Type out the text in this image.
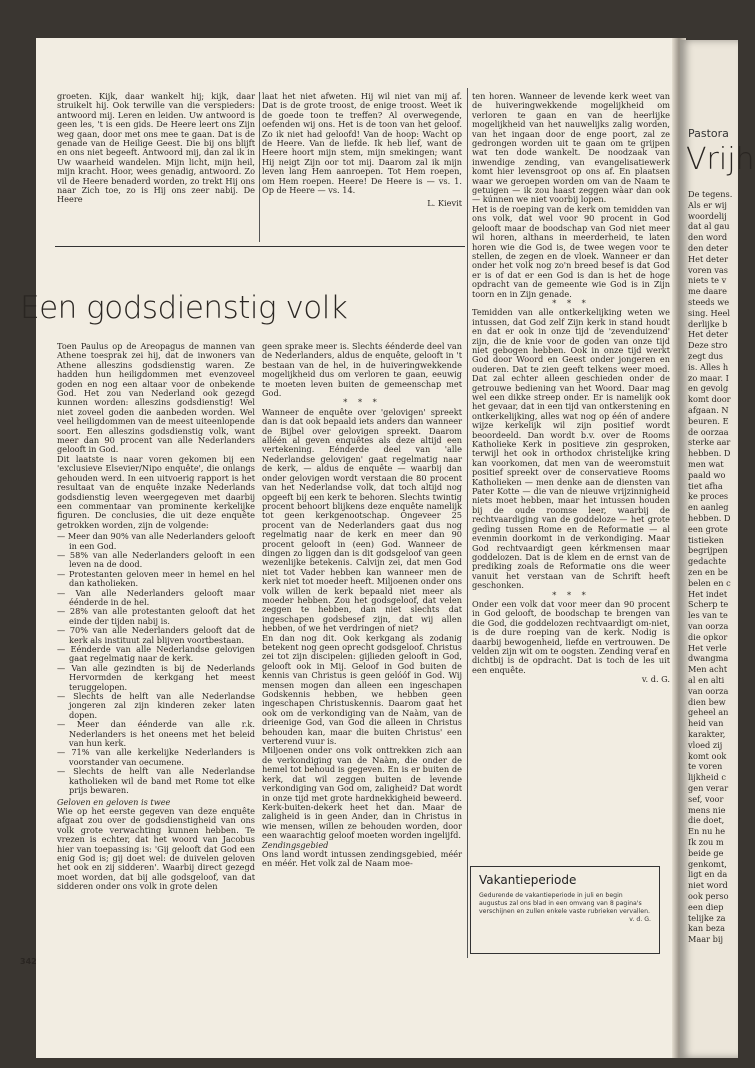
Pastora
Vrijh
De tegens.
Als er wij
woordelij
dat al gau
den word
den deter
Het deter
voren vas
niets te v
me daare
steeds we
sing. Heel
derlijke b
Het deter
Deze stro
zegt dus
is. Alles h
zo maar. I
en gevolg
komt door
afgaan. N
beuren. E
de oorzaa
sterke aar
hebben. D
men wat
paald wo
tiet afha
ke proces
en aanleg
hebben. D
een grote
tistieken
begrijpen
gedachte
zen en be
belen en c
Het indet
Scherp te
les van te
van oorza
die opkor
Het verle
dwangma
Men acht
al en alti
van oorza
dien bew
geheel an
heid van
karakter,
vloed zij
komt ook
te voren
lijkheid c
gen verar
sef, voor
mens nie
die doet,
En nu he
Ik zou m
beide ge
genkomt,
ligt en da
niet word
ook perso
een diep
telijke za
kan beza
Maar bij

groeten. Kijk, daar wankelt hij; kijk, daar struikelt hij. Ook terwille van die verspieders: antwoord mij. Leren en leiden. Uw antwoord is geen les, 't is een gids. De Heere leert ons Zijn weg gaan, door met ons mee te gaan. Dat is de genade van de Heilige Geest. Die bij ons blijft en ons niet begeeft. Antwoord mij, dan zal ik in Uw waarheid wandelen. Mijn licht, mijn heil, mijn kracht. Hoor, wees genadig, antwoord. Zo vil de Heere benaderd worden, zo trekt Hij ons naar Zich toe, zo is Hij ons zeer nabij. De Heere

laat het niet afweten. Hij wil niet van mij af. Dat is de grote troost, de enige troost. Weet ik de goede toon te treffen? Al overwegende, oefenden wij ons. Het is de toon van het geloof. Zo ik niet had geloofd! Van de hoop: Wacht op de Heere. Van de liefde. Ik heb lief, want de Heere hoort mijn stem, mijn smekingen; want Hij neigt Zijn oor tot mij. Daarom zal ik mijn leven lang Hem aanroepen. Tot Hem roepen, om Hem roepen. Heere! De Heere is — vs. 1. Op de Heere — vs. 14.

L. Kievit

ten horen. Wanneer de levende kerk weet van de huiveringwekkende mogelijkheid om verloren te gaan en van de heerlijke mogelijkheid van het nauwelijks zalig worden, van het ingaan door de enge poort, zal ze gedrongen worden uit te gaan om te grijpen wat ten dode wankelt. De noodzaak van inwendige zending, van evangelisatiewerk komt hier levensgroot op ons af. En plaatsen waar we geroepen worden om van de Naam te getuigen — ik zou haast zeggen wàar dan ook — kúnnen we niet voorbij lopen.

Het is de roeping van de kerk om temidden van ons volk, dat wel voor 90 procent in God gelooft maar de boodschap van God niet meer wil horen, althans in meerderheid, te laten horen wie die God is, de twee wegen voor te stellen, de zegen en de vloek. Wanneer er dan onder het volk nog zo'n breed besef is dat God er is of dat er een God is dan is het de hoge opdracht van de gemeente wie God is in Zijn toorn en in Zijn genade.

* * *

Temidden van alle ontkerkelijking weten we intussen, dat God zelf Zijn kerk in stand houdt en dat er ook in onze tijd de 'zevenduizend' zijn, die de knie voor de goden van onze tijd niet gebogen hebben. Ook in onze tijd werkt God door Woord en Geest onder jongeren en ouderen. Dat te zien geeft telkens weer moed. Dat zal echter alleen geschieden onder de getrouwe bediening van het Woord. Daar mag wel een dikke streep onder. Er is namelijk ook het gevaar, dat in een tijd van ontkerstening en ontkerkelijking, alles wat nog op één of andere wijze kerkelijk wil zijn positief wordt beoordeeld. Dan wordt b.v. over de Rooms Katholieke Kerk in positieve zin gesproken, terwijl het ook in orthodox christelijke kring kan voorkomen, dat men van de weeromstuit positief spreekt over de conservatieve Rooms Katholieken — men denke aan de diensten van Pater Kotte — die van de nieuwe vrijzinnigheid niets moet hebben, maar het intussen houden bij de oude roomse leer, waarbij de rechtvaardiging van de goddeloze — het grote gedìng tussen Rome en de Reformatie — al evenmin doorkomt in de verkondiging. Maar God rechtvaardigt geen kérkmensen maar goddelozen. Dat is de klem en de ernst van de prediking zoals de Reformatie ons die weer vanuit het verstaan van de Schrift heeft geschonken.

* * *

Onder een volk dat voor meer dan 90 procent in God gelooft, de boodschap te brengen van die God, die goddelozen rechtvaardigt om-niet, is de dure roeping van de kerk. Nodig is daarbij bewogenheid, liefde en vertrouwen. De velden zijn wit om te oogsten. Zending veraf en dichtbij is de opdracht. Dat is toch de les uit een enquête.

v. d. G.

Een godsdienstig volk

Toen Paulus op de Areopagus de mannen van Athene toesprak zei hij, dat de inwoners van Athene alleszins godsdienstig waren. Ze hadden hun heiligdommen met evenzoveel goden en nog een altaar voor de onbekende God. Het zou van Nederland ook gezegd kunnen worden: alleszins godsdienstig! Wel niet zoveel goden die aanbeden worden. Wel veel heiligdommen van de meest uiteenlopende soort. Een alleszins godsdienstig volk, want meer dan 90 procent van alle Nederlanders gelooft in God.

Dit laatste is naar voren gekomen bij een 'exclusieve Elsevier/Nipo enquête', die onlangs gehouden werd. In een uitvoerig rapport is het resultaat van de enquête inzake Nederlands godsdienstig leven weergegeven met daarbij een commentaar van prominente kerkelijke figuren. De conclusies, die uit deze enquête getrokken worden, zijn de volgende:

— Meer dan 90% van alle Nederlanders gelooft in een God.
— 58% van alle Nederlanders gelooft in een leven na de dood.
— Protestanten geloven meer in hemel en hel dan katholieken.
— Van alle Nederlanders gelooft maar éénderde in de hel.
— 28% van alle protestanten gelooft dat het einde der tijden nabij is.
— 70% van alle Nederlanders gelooft dat de kerk als instituut zal blijven voortbestaan.
— Eénderde van alle Nederlandse gelovigen gaat regelmatig naar de kerk.
— Van alle gezindten is bij de Nederlands Hervormden de kerkgang het meest teruggelopen.
— Slechts de helft van alle Nederlandse jongeren zal zijn kinderen zeker laten dopen.
— Meer dan éénderde van alle r.k. Nederlanders is het oneens met het beleid van hun kerk.
— 71% van alle kerkelijke Nederlanders is voorstander van oecumene.
— Slechts de helft van alle Nederlandse katholieken wil de band met Rome tot elke prijs bewaren.

Geloven en geloven is twee

Wie op het eerste gegeven van deze enquête afgaat zou over de godsdienstigheid van ons volk grote verwachting kunnen hebben. Te vrezen is echter, dat het woord van Jacobus hier van toepassing is: 'Gij gelooft dat God een enig God is; gij doet wel: de duivelen geloven het ook en zij sidderen'. Waarbij direct gezegd moet worden, dat bij alle godsgeloof, van dat sidderen onder ons volk in grote delen

geen sprake meer is. Slechts éénderde deel van de Nederlanders, aldus de enquête, gelooft in 't bestaan van de hel, in de huiveringwekkende mogelijkheid dus om verloren te gaan, eeuwig te moeten leven buiten de gemeenschap met God.

* * *

Wanneer de enquête over 'gelovigen' spreekt dan is dat ook bepaald iets anders dan wanneer de Bijbel over gelovigen spreekt. Daarom alléén al geven enquêtes als deze altijd een vertekening. Eénderde deel van 'alle Nederlandse gelovigen' gaat regelmatig naar de kerk, — aldus de enquête — waarbij dan onder gelovigen wordt verstaan die 80 procent van het Nederlandse volk, dat toch altijd nog opgeeft bij een kerk te behoren. Slechts twintig procent behoort blijkens deze enquête namelijk tot geen kerkgenootschap. Ongeveer 25 procent van de Nederlanders gaat dus nog regelmatig naar de kerk en meer dan 90 procent gelooft in (een) God. Wanneer de dingen zo liggen dan is dit godsgeloof van geen wezenlijke betekenis. Calvijn zei, dat men God niet tot Vader hebben kan wanneer men de kerk niet tot moeder heeft. Miljoenen onder ons volk willen de kerk bepaald niet meer als moeder hebben. Zou het godsgeloof, dat velen zeggen te hebben, dan niet slechts dat ingeschapen godsbesef zijn, dat wij allen hebben, of we het verdringen of niet?

En dan nog dit. Ook kerkgang als zodanig betekent nog geen oprecht godsgeloof. Christus zei tot zijn discipelen: gijlieden gelooft in God, gelooft ook in Mij. Geloof in God buiten de kennis van Christus is geen gelóóf in God. Wij mensen mogen dan alleen een ingeschapen Godskennis hebben, we hebben geen ingeschapen Christuskennis. Daarom gaat het ook om de verkondiging van de Naàm, van de drieenige God, van God die alleen in Christus behouden kan, maar die buiten Christus' een verterend vuur is.

Miljoenen onder ons volk onttrekken zich aan de verkondiging van de Naàm, die onder de hemel tot behoud is gegeven. En is er buiten de kerk, dat wil zeggen buiten de levende verkondiging van God om, zaligheid? Dat wordt in onze tijd met grote hardnekkigheid beweerd. Kerk-buiten-dekerk heet het dan. Maar de zaligheid is in geen Ander, dan in Christus in wie mensen, willen ze behouden worden, door een waarachtig geloof moeten worden ingelijfd.

Zendingsgebied

Ons land wordt intussen zendingsgebied, méér en méér. Het volk zal de Naam moe-

342
Vakantieperiode

Gedurende de vakantieperiode in juli en begin augustus zal ons blad in een omvang van 8 pagina's verschijnen en zullen enkele vaste rubrieken vervallen.

v. d. G.
